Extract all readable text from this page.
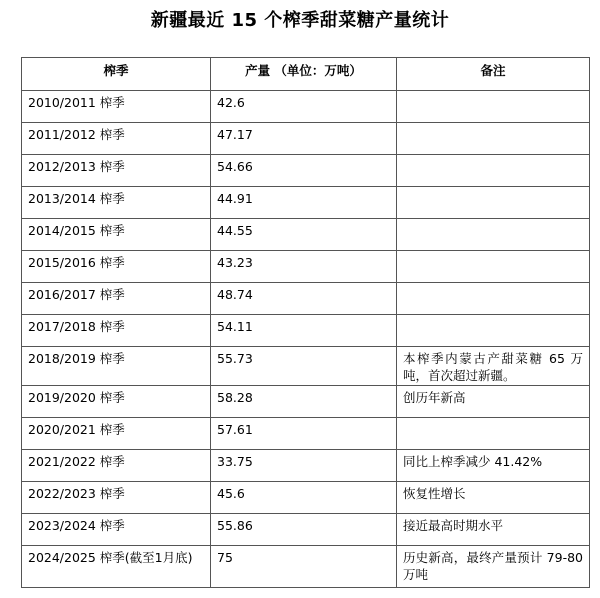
新疆最近 15 个榨季甜菜糖产量统计
榨季	产量 （单位：万吨）	备注
2010/2011 榨季	42.6	
2011/2012 榨季	47.17	
2012/2013 榨季	54.66	
2013/2014 榨季	44.91	
2014/2015 榨季	44.55	
2015/2016 榨季	43.23	
2016/2017 榨季	48.74	
2017/2018 榨季	54.11	
2018/2019 榨季	55.73	本榨季内蒙古产甜菜糖 65 万吨，首次超过新疆。
2019/2020 榨季	58.28	创历年新高
2020/2021 榨季	57.61	
2021/2022 榨季	33.75	同比上榨季减少 41.42%
2022/2023 榨季	45.6	恢复性增长
2023/2024 榨季	55.86	接近最高时期水平
2024/2025 榨季(截至1月底)	75	历史新高，最终产量预计 79-80 万吨
